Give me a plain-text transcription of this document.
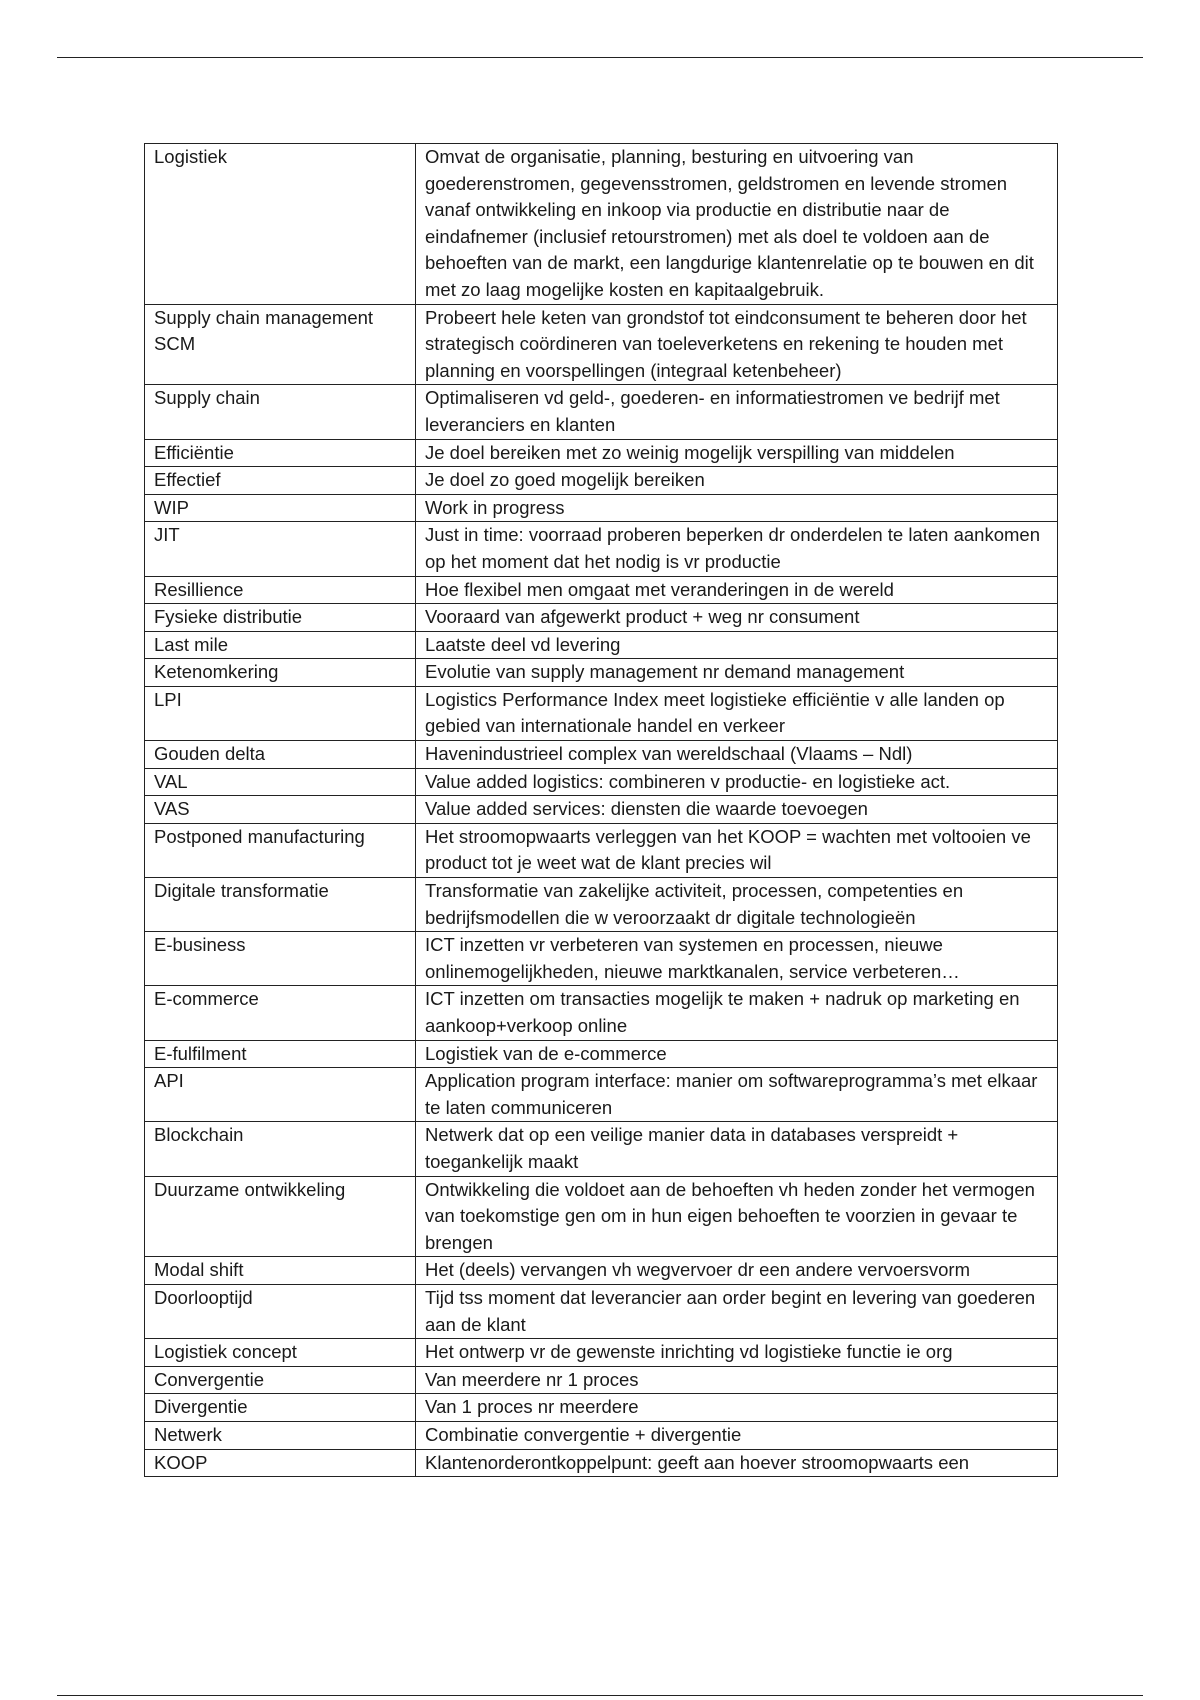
Logistiek	Omvat de organisatie, planning, besturing en uitvoering van goederenstromen, gegevensstromen, geldstromen en levende stromen vanaf ontwikkeling en inkoop via productie en distributie naar de eindafnemer (inclusief retourstromen) met als doel te voldoen aan de behoeften van de markt, een langdurige klantenrelatie op te bouwen en dit met zo laag mogelijke kosten en kapitaalgebruik.
Supply chain management SCM	Probeert hele keten van grondstof tot eindconsument te beheren door het strategisch coördineren van toeleverketens en rekening te houden met planning en voorspellingen (integraal ketenbeheer)
Supply chain	Optimaliseren vd geld-, goederen- en informatiestromen ve bedrijf met leveranciers en klanten
Efficiëntie	Je doel bereiken met zo weinig mogelijk verspilling van middelen
Effectief	Je doel zo goed mogelijk bereiken
WIP	Work in progress
JIT	Just in time: voorraad proberen beperken dr onderdelen te laten aankomen op het moment dat het nodig is vr productie
Resillience	Hoe flexibel men omgaat met veranderingen in de wereld
Fysieke distributie	Vooraard van afgewerkt product + weg nr consument
Last mile	Laatste deel vd levering
Ketenomkering	Evolutie van supply management nr demand management
LPI	Logistics Performance Index meet logistieke efficiëntie v alle landen op gebied van internationale handel en verkeer
Gouden delta	Havenindustrieel complex van wereldschaal (Vlaams – Ndl)
VAL	Value added logistics: combineren v productie- en logistieke act.
VAS	Value added services: diensten die waarde toevoegen
Postponed manufacturing	Het stroomopwaarts verleggen van het KOOP = wachten met voltooien ve product tot je weet wat de klant precies wil
Digitale transformatie	Transformatie van zakelijke activiteit, processen, competenties en bedrijfsmodellen die w veroorzaakt dr digitale technologieën
E-business	ICT inzetten vr verbeteren van systemen en processen, nieuwe onlinemogelijkheden, nieuwe marktkanalen, service verbeteren…
E-commerce	ICT inzetten om transacties mogelijk te maken + nadruk op marketing en aankoop+verkoop online
E-fulfilment	Logistiek van de e-commerce
API	Application program interface: manier om softwareprogramma’s met elkaar te laten communiceren
Blockchain	Netwerk dat op een veilige manier data in databases verspreidt + toegankelijk maakt
Duurzame ontwikkeling	Ontwikkeling die voldoet aan de behoeften vh heden zonder het vermogen van toekomstige gen om in hun eigen behoeften te voorzien in gevaar te brengen
Modal shift	Het (deels) vervangen vh wegvervoer dr een andere vervoersvorm
Doorlooptijd	Tijd tss moment dat leverancier aan order begint en levering van goederen aan de klant
Logistiek concept	Het ontwerp vr de gewenste inrichting vd logistieke functie ie org
Convergentie	Van meerdere nr 1 proces
Divergentie	Van 1 proces nr meerdere
Netwerk	Combinatie convergentie + divergentie
KOOP	Klantenorderontkoppelpunt: geeft aan hoever stroomopwaarts een
